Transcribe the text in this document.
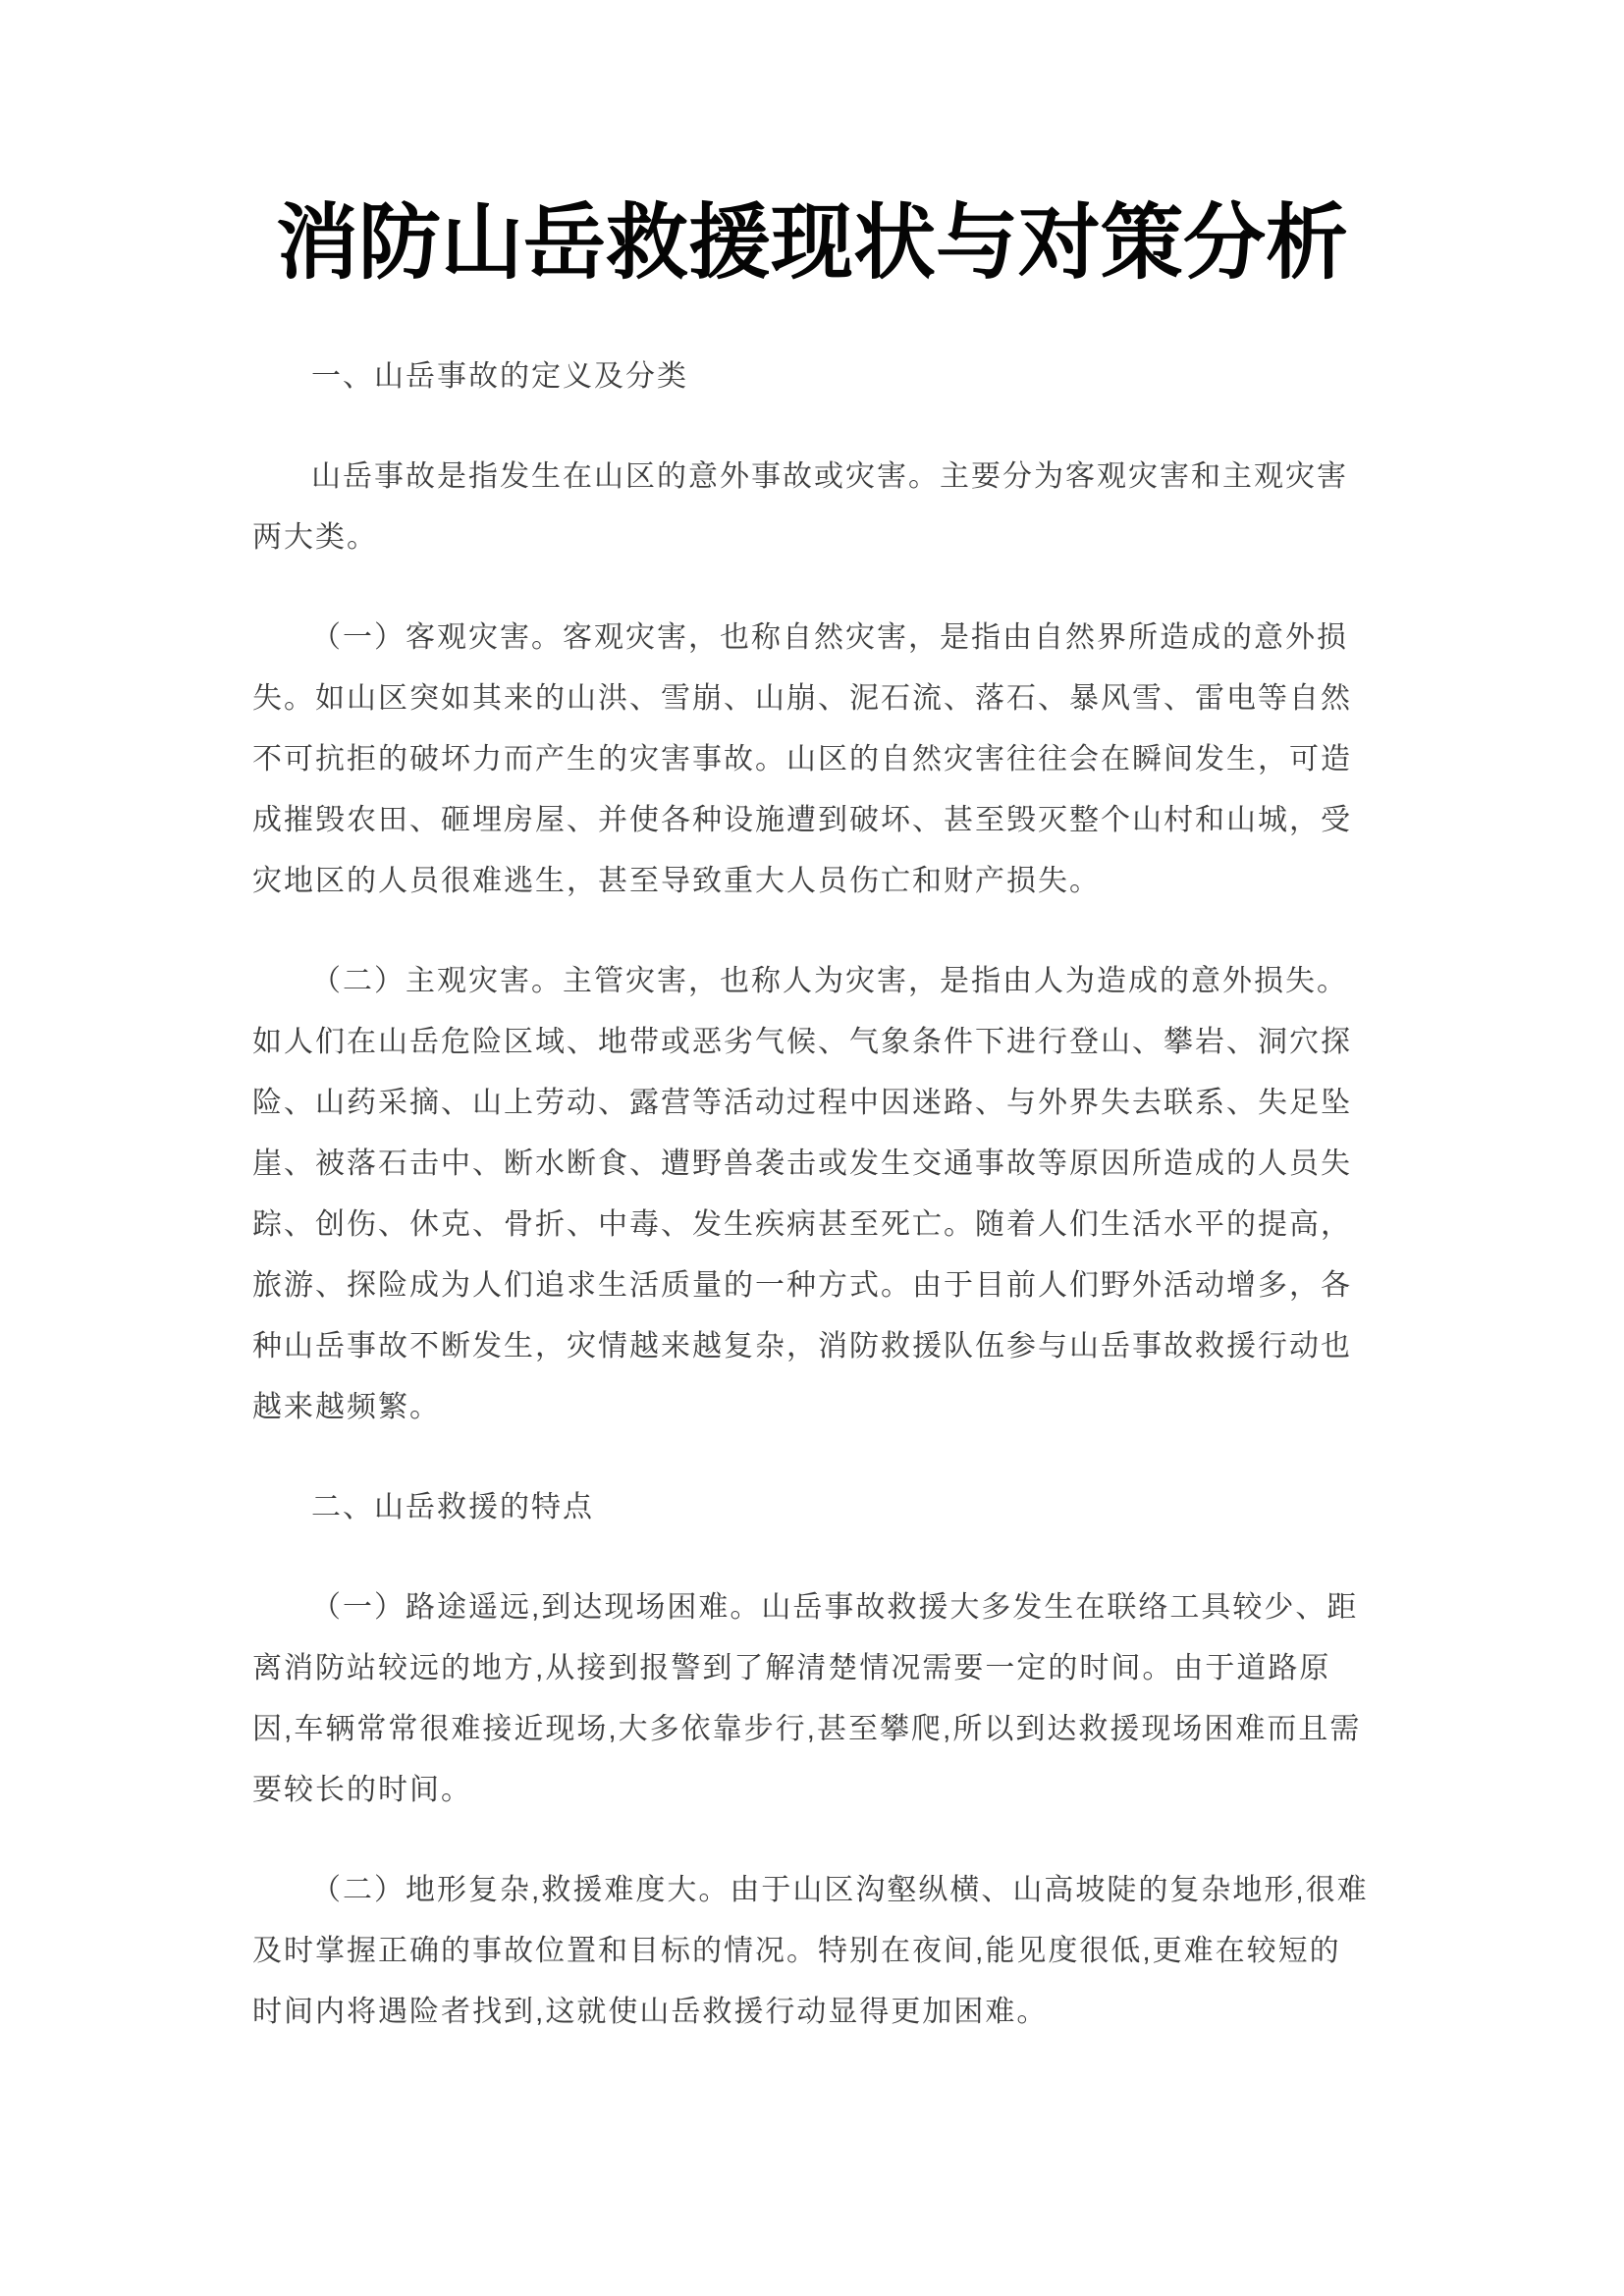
消防山岳救援现状与对策分析
一、山岳事故的定义及分类

山岳事故是指发生在山区的意外事故或灾害。主要分为客观灾害和主观灾害两大类。

（一）客观灾害。客观灾害，也称自然灾害，是指由自然界所造成的意外损失。如山区突如其来的山洪、雪崩、山崩、泥石流、落石、暴风雪、雷电等自然不可抗拒的破坏力而产生的灾害事故。山区的自然灾害往往会在瞬间发生，可造成摧毁农田、砸埋房屋、并使各种设施遭到破坏、甚至毁灭整个山村和山城，受灾地区的人员很难逃生，甚至导致重大人员伤亡和财产损失。

（二）主观灾害。主管灾害，也称人为灾害，是指由人为造成的意外损失。如人们在山岳危险区域、地带或恶劣气候、气象条件下进行登山、攀岩、洞穴探险、山药采摘、山上劳动、露营等活动过程中因迷路、与外界失去联系、失足坠崖、被落石击中、断水断食、遭野兽袭击或发生交通事故等原因所造成的人员失踪、创伤、休克、骨折、中毒、发生疾病甚至死亡。随着人们生活水平的提高，旅游、探险成为人们追求生活质量的一种方式。由于目前人们野外活动增多，各种山岳事故不断发生，灾情越来越复杂，消防救援队伍参与山岳事故救援行动也越来越频繁。

二、山岳救援的特点

（一）路途遥远,到达现场困难。山岳事故救援大多发生在联络工具较少、距离消防站较远的地方,从接到报警到了解清楚情况需要一定的时间。由于道路原因,车辆常常很难接近现场,大多依靠步行,甚至攀爬,所以到达救援现场困难而且需要较长的时间。

（二）地形复杂,救援难度大。由于山区沟壑纵横、山高坡陡的复杂地形,很难及时掌握正确的事故位置和目标的情况。特别在夜间,能见度很低,更难在较短的时间内将遇险者找到,这就使山岳救援行动显得更加困难。
